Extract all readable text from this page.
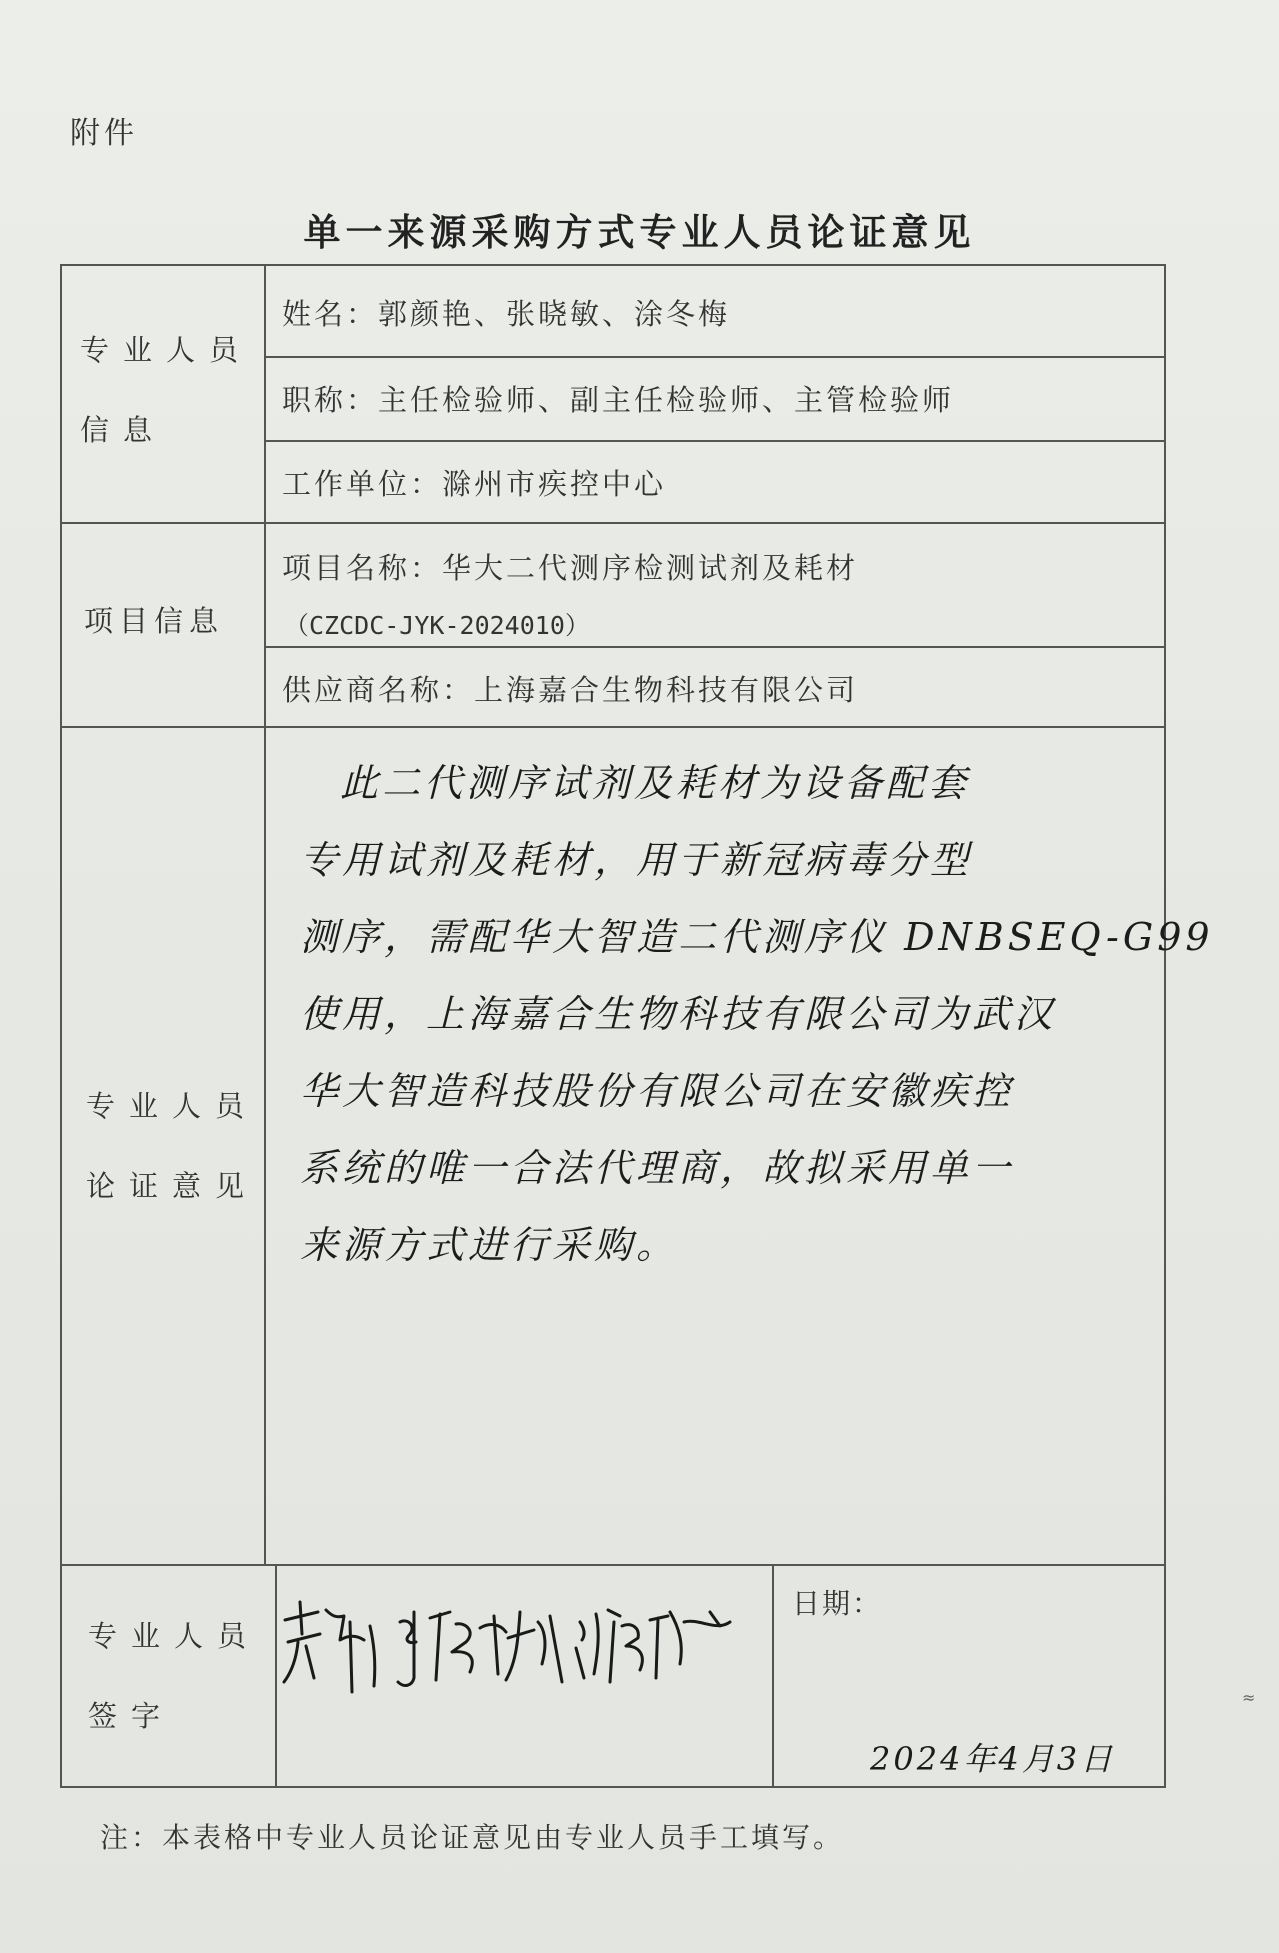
附件
单一来源采购方式专业人员论证意见
专业人员
信息
项目信息
专业人员
论证意见
专业人员
签字
姓名：郭颜艳、张晓敏、涂冬梅
职称：主任检验师、副主任检验师、主管检验师
工作单位：滁州市疾控中心
项目名称：华大二代测序检测试剂及耗材
（CZCDC-JYK-2024010）
供应商名称：上海嘉合生物科技有限公司

此二代测序试剂及耗材为设备配套

专用试剂及耗材，用于新冠病毒分型

测序，需配华大智造二代测序仪 DNBSEQ-G99

使用，上海嘉合生物科技有限公司为武汉

华大智造科技股份有限公司在安徽疾控

系统的唯一合法代理商，故拟采用单一

来源方式进行采购。

日期：
2024年4月3日
≈
注：本表格中专业人员论证意见由专业人员手工填写。
